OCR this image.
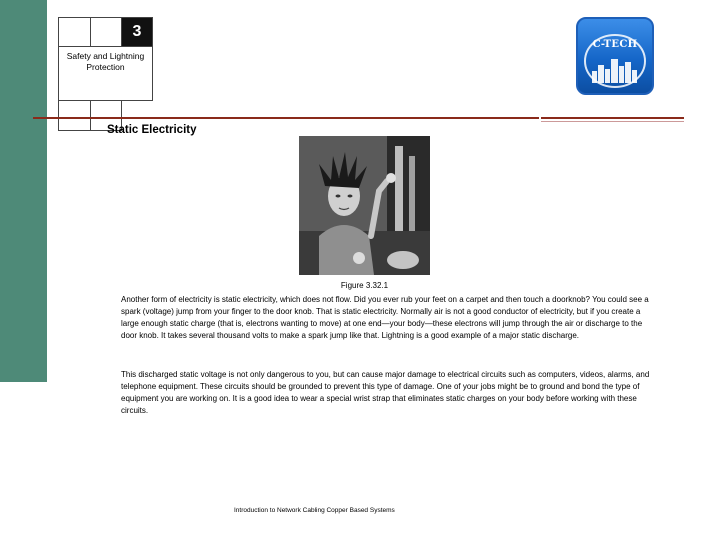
3
Safety and Lightning Protection
C-TECH
Static Electricity
Figure 3.32.1

Another form of electricity is static electricity, which does not flow. Did you ever rub your feet on a carpet and then touch a doorknob? You could see a spark (voltage) jump from your finger to the door knob. That is static electricity. Normally air is not a good conductor of electricity, but if you create a large enough static charge (that is, electrons wanting to move) at one end—your body—these electrons will jump through the air or discharge to the door knob. It takes several thousand volts to make a spark jump like that. Lightning is a good example of a major static discharge.

This discharged static voltage is not only dangerous to you, but can cause major damage to electrical circuits such as computers, videos, alarms, and telephone equipment. These circuits should be grounded to prevent this type of damage. One of your jobs might be to ground and bond the type of equipment you are working on. It is a good idea to wear a special wrist strap that eliminates static charges on your body before working with these circuits.

Introduction to Network Cabling Copper Based Systems
